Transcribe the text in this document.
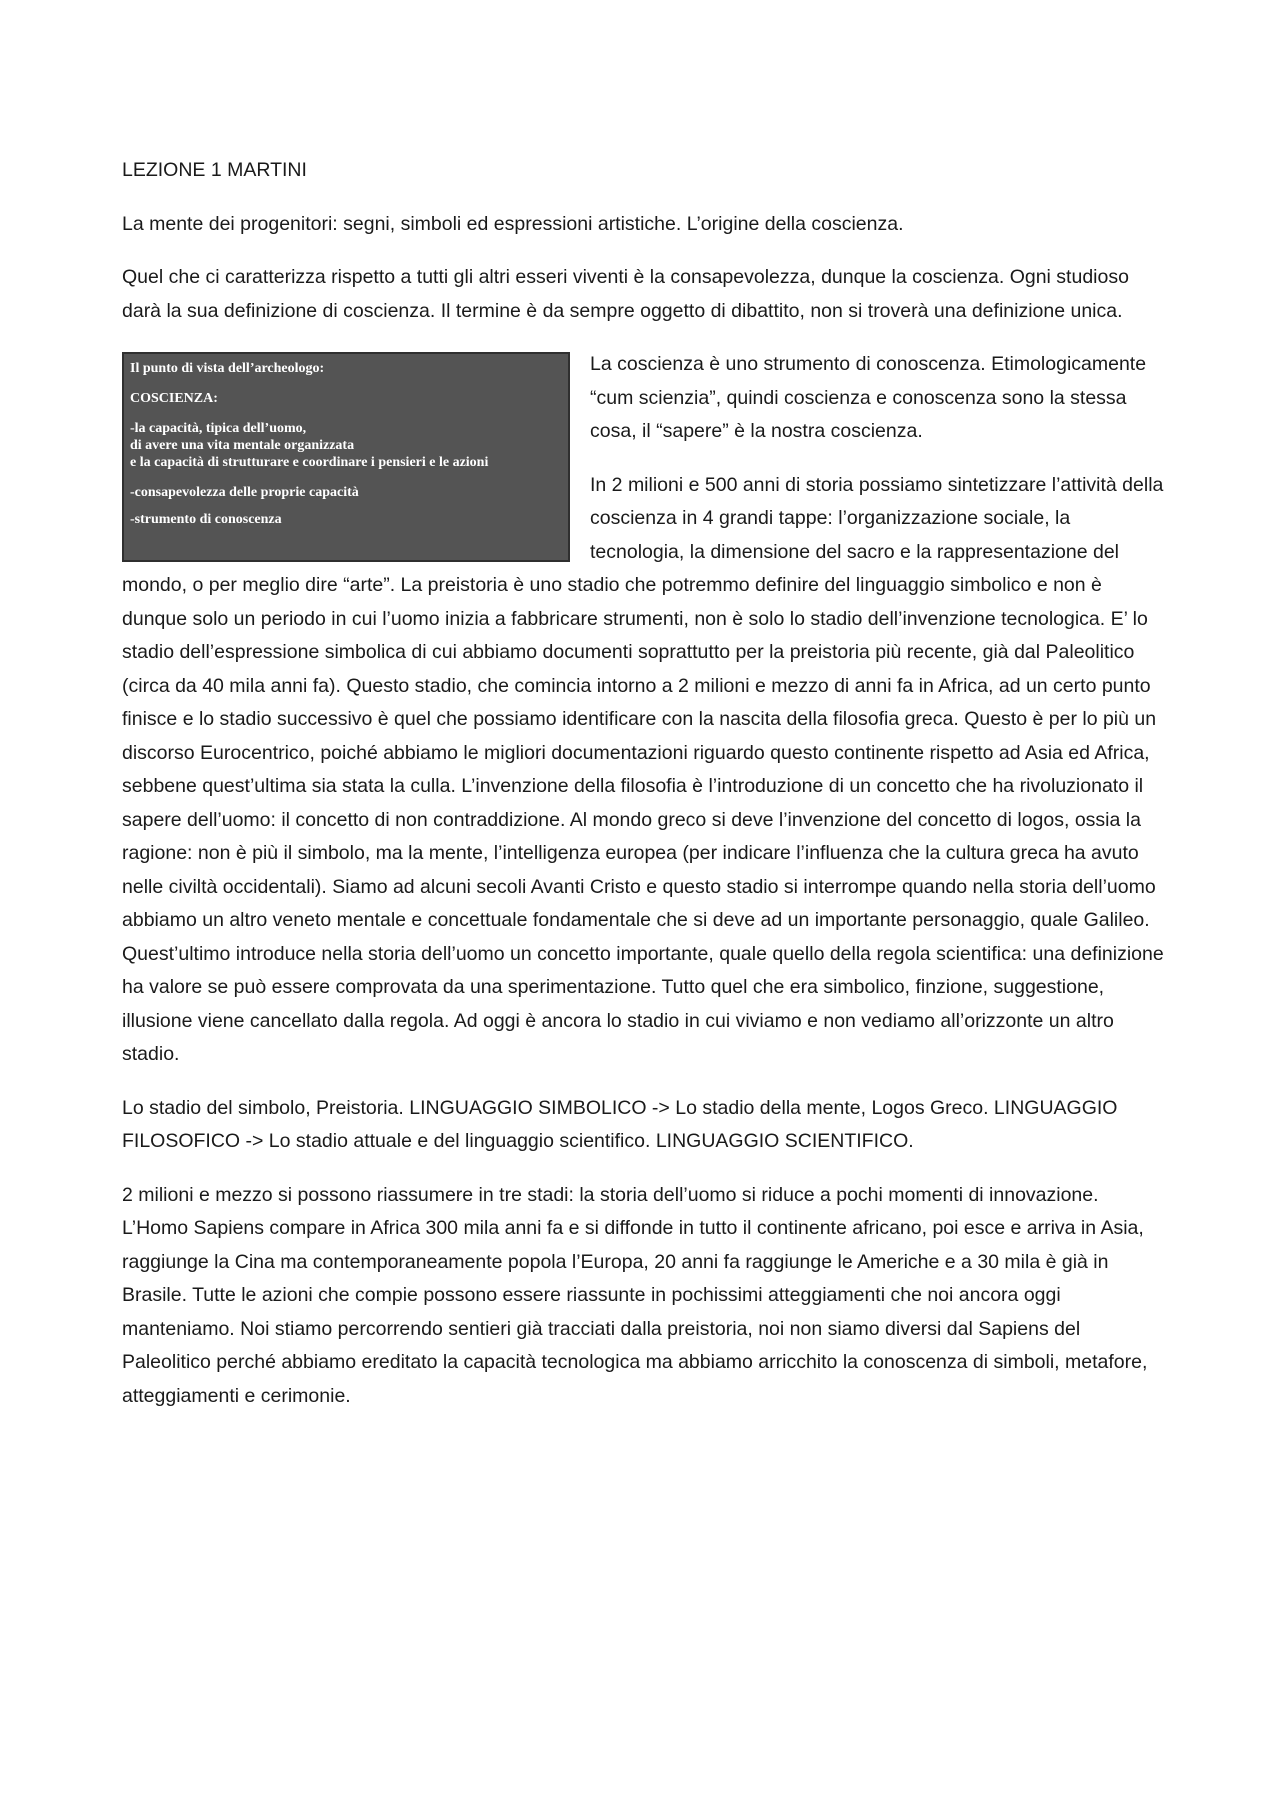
LEZIONE 1 MARTINI

La mente dei progenitori: segni, simboli ed espressioni artistiche. L’origine della coscienza.

Quel che ci caratterizza rispetto a tutti gli altri esseri viventi è la consapevolezza, dunque la coscienza. Ogni studioso darà la sua definizione di coscienza. Il termine è da sempre oggetto di dibattito, non si troverà una definizione unica.

Il punto di vista dell’archeologo:
COSCIENZA:
-la capacità, tipica dell’uomo,
di avere una vita mentale organizzata
e la capacità di strutturare e coordinare i pensieri e le azioni
-consapevolezza delle proprie capacità
-strumento di conoscenza

La coscienza è uno strumento di conoscenza. Etimologicamente “cum scienzia”, quindi coscienza e conoscenza sono la stessa cosa, il “sapere” è la nostra coscienza.

In 2 milioni e 500 anni di storia possiamo sintetizzare l’attività della coscienza in 4 grandi tappe: l’organizzazione sociale, la tecnologia, la dimensione del sacro e la rappresentazione del mondo, o per meglio dire “arte”. La preistoria è uno stadio che potremmo definire del linguaggio simbolico e non è dunque solo un periodo in cui l’uomo inizia a fabbricare strumenti, non è solo lo stadio dell’invenzione tecnologica. E’ lo stadio dell’espressione simbolica di cui abbiamo documenti soprattutto per la preistoria più recente, già dal Paleolitico (circa da 40 mila anni fa). Questo stadio, che comincia intorno a 2 milioni e mezzo di anni fa in Africa, ad un certo punto finisce e lo stadio successivo è quel che possiamo identificare con la nascita della filosofia greca. Questo è per lo più un discorso Eurocentrico, poiché abbiamo le migliori documentazioni riguardo questo continente rispetto ad Asia ed Africa, sebbene quest’ultima sia stata la culla. L’invenzione della filosofia è l’introduzione di un concetto che ha rivoluzionato il sapere dell’uomo: il concetto di non contraddizione. Al mondo greco si deve l’invenzione del concetto di logos, ossia la ragione: non è più il simbolo, ma la mente, l’intelligenza europea (per indicare l’influenza che la cultura greca ha avuto nelle civiltà occidentali). Siamo ad alcuni secoli Avanti Cristo e questo stadio si interrompe quando nella storia dell’uomo abbiamo un altro veneto mentale e concettuale fondamentale che si deve ad un importante personaggio, quale Galileo. Quest’ultimo introduce nella storia dell’uomo un concetto importante, quale quello della regola scientifica: una definizione ha valore se può essere comprovata da una sperimentazione. Tutto quel che era simbolico, finzione, suggestione, illusione viene cancellato dalla regola. Ad oggi è ancora lo stadio in cui viviamo e non vediamo all’orizzonte un altro stadio.

Lo stadio del simbolo, Preistoria. LINGUAGGIO SIMBOLICO -> Lo stadio della mente, Logos Greco. LINGUAGGIO FILOSOFICO -> Lo stadio attuale e del linguaggio scientifico. LINGUAGGIO SCIENTIFICO.

2 milioni e mezzo si possono riassumere in tre stadi: la storia dell’uomo si riduce a pochi momenti di innovazione. L’Homo Sapiens compare in Africa 300 mila anni fa e si diffonde in tutto il continente africano, poi esce e arriva in Asia, raggiunge la Cina ma contemporaneamente popola l’Europa, 20 anni fa raggiunge le Americhe e a 30 mila è già in Brasile. Tutte le azioni che compie possono essere riassunte in pochissimi atteggiamenti che noi ancora oggi manteniamo. Noi stiamo percorrendo sentieri già tracciati dalla preistoria, noi non siamo diversi dal Sapiens del Paleolitico perché abbiamo ereditato la capacità tecnologica ma abbiamo arricchito la conoscenza di simboli, metafore, atteggiamenti e cerimonie.
